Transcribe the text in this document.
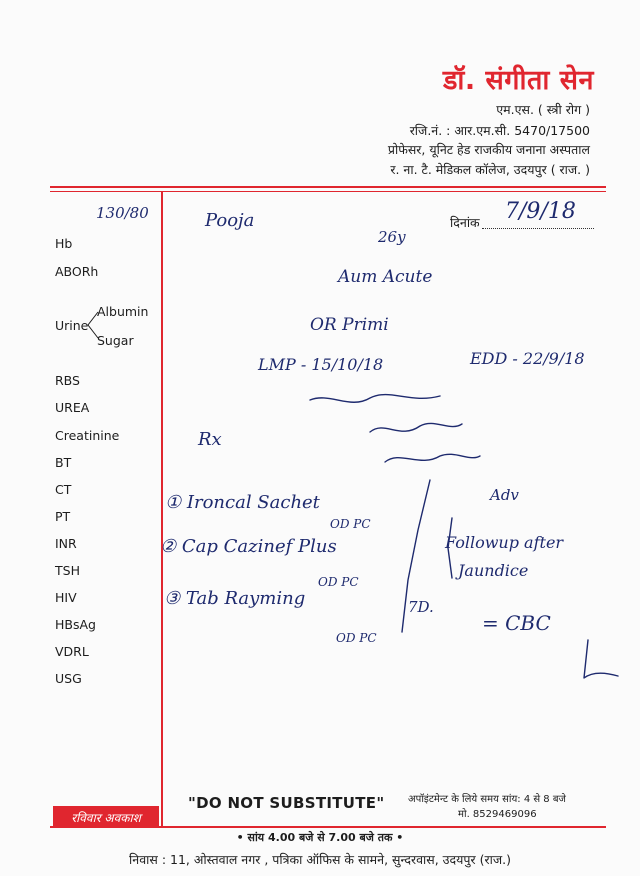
डॉ. संगीता सेन
एम.एस. ( स्त्री रोग )
रजि.नं. : आर.एम.सी. 5470/17500
प्रोफेसर, यूनिट हेड राजकीय जनाना अस्पताल
र. ना. टै. मेडिकल कॉलेज, उदयपुर ( राज. )
Hb
ABORh
Urine
Albumin
Sugar
RBS
UREA
Creatinine
BT
CT
PT
INR
TSH
HIV
HBsAg
VDRL
USG
दिनांक
130/80	Pooja
26y
7/9/18
Aum Acute
OR Primi
LMP - 15/10/18	EDD - 22/9/18
Rx
① Ironcal Sachet
OD PC
② Cap Cazinef Plus
OD PC
③ Tab Rayming
OD PC
7D.
Adv
Followup after
Jaundice
= CBC
रविवार अवकाश
"DO NOT SUBSTITUTE" अपॉइंटमेन्ट के लिये समय सांय: 4 से 8 बजे
मो. 8529469096
• सांय 4.00 बजे से 7.00 बजे तक •
निवास : 11, ओस्तवाल नगर , पत्रिका ऑफिस के सामने, सुन्दरवास, उदयपुर (राज.)
